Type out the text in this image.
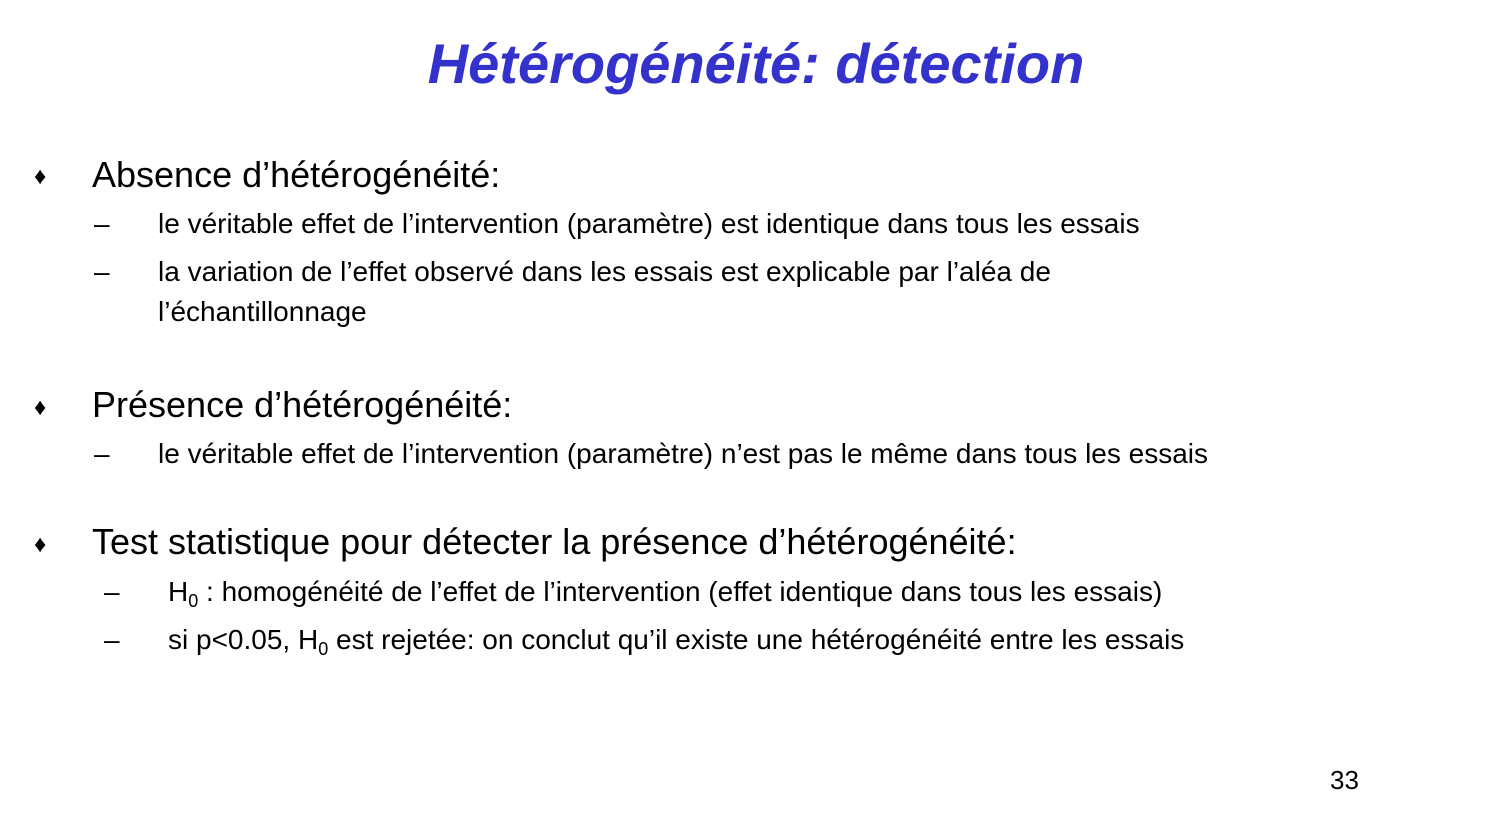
Hétérogénéité: détection
♦ Absence d’hétérogénéité:
– le véritable effet de l’intervention (paramètre) est identique dans tous les essais
– la variation de l’effet observé dans les essais est explicable par l’aléa de
l’échantillonnage
♦ Présence d’hétérogénéité:
– le véritable effet de l’intervention (paramètre) n’est pas le même dans tous les essais
♦ Test statistique pour détecter la présence d’hétérogénéité:
– $H_0$ : homogénéité de l’effet de l’intervention (effet identique dans tous les essais)
– si p<0.05, $H_0$ est rejetée: on conclut qu’il existe une hétérogénéité entre les essais
33
